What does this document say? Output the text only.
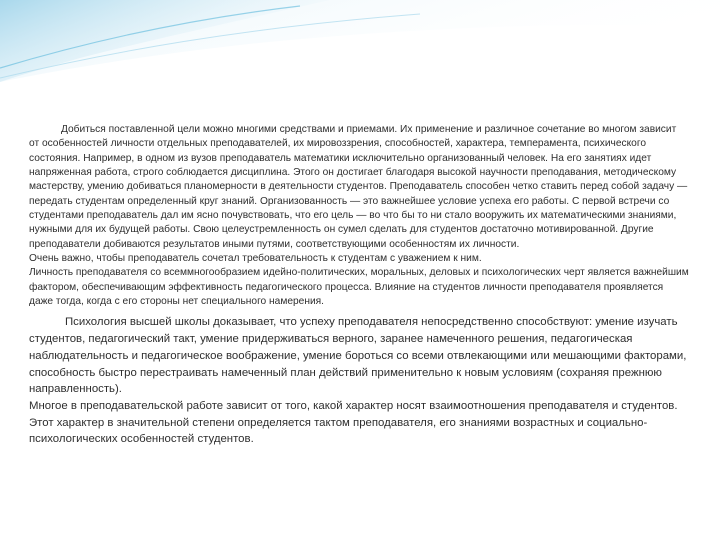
Добиться поставленной цели можно многими средствами и приемами. Их применение и различное сочетание во многом зависит от особенностей личности отдельных преподавателей, их мировоззрения, способностей, характера, темперамента, психического состояния. Например, в одном из вузов преподаватель математики исключительно организованный человек. На его занятиях идет напряженная работа, строго соблюдается дисциплина. Этого он достигает благодаря высокой научности преподавания, методическому мастерству, умению добиваться планомерности в деятельности студентов. Преподаватель способен четко ставить перед собой задачу — передать студентам определенный круг знаний. Организованность — это важнейшее условие успеха его работы. С первой встречи со студентами преподаватель дал им ясно почувствовать, что его цель — во что бы то ни стало вооружить их математическими знаниями, нужными для их будущей работы. Свою целеустремленность он сумел сделать для студентов достаточно мотивированной. Другие преподаватели добиваются результатов иными путями, соответствующими особенностям их личности.

Очень важно, чтобы преподаватель сочетал требовательность к студентам с уважением к ним.

Личность преподавателя со всеммногообразием идейно-политических, моральных, деловых и психологических черт является важнейшим фактором, обеспечивающим эффективность педагогического процесса. Влияние на студентов личности преподавателя проявляется даже тогда, когда с его стороны нет специального намерения.

Психология высшей школы доказывает, что успеху преподавателя непосредственно способствуют: умение изучать студентов, педагогический такт, умение придерживаться верного, заранее намеченного решения, педагогическая наблюдательность и педагогическое воображение, умение бороться со всеми отвлекающими или мешающими факторами, способность быстро перестраивать намеченный план действий применительно к новым условиям (сохраняя прежнюю направленность).

Многое в преподавательской работе зависит от того, какой характер носят взаимоотношения преподавателя и студентов. Этот характер в значительной степени определяется тактом преподавателя, его знаниями возрастных и социально-психологических особенностей студентов.
